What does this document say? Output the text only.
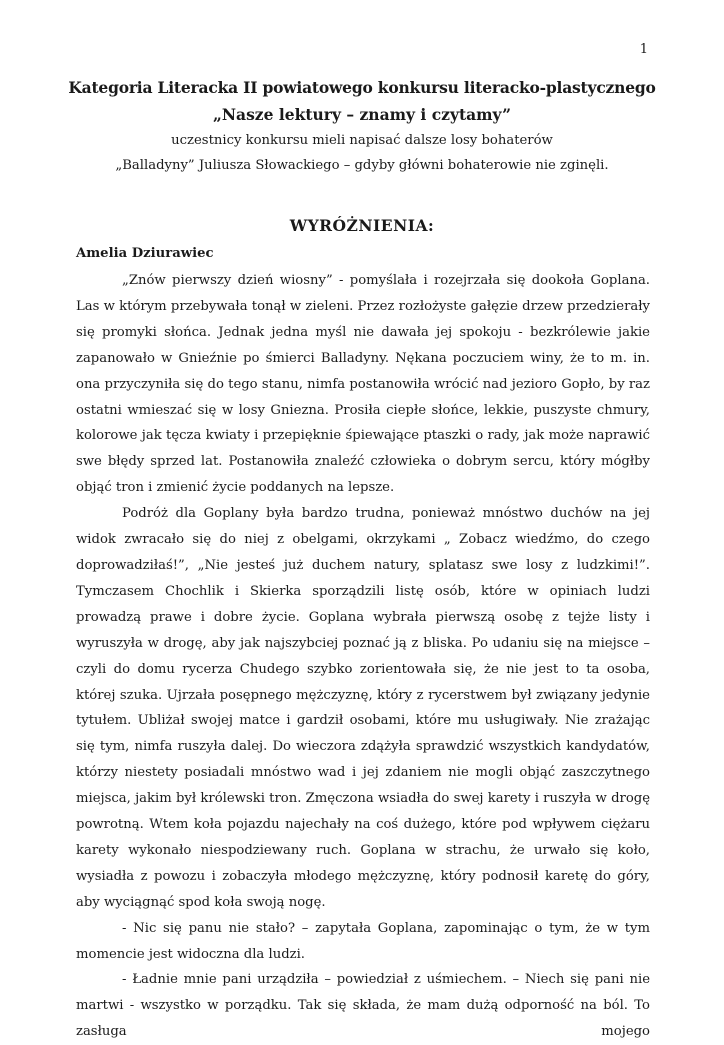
1
Kategoria Literacka II powiatowego konkursu literacko-plastycznego
„Nasze lektury – znamy i czytamy”
uczestnicy konkursu mieli napisać dalsze losy bohaterów
„Balladyny” Juliusza Słowackiego – gdyby główni bohaterowie nie zginęli.
WYRÓŻNIENIA:
Amelia Dziurawiec

„Znów pierwszy dzień wiosny” - pomyślała i rozejrzała się dookoła Goplana. Las w którym przebywała tonął w zieleni. Przez rozłożyste gałęzie drzew przedzierały się promyki słońca. Jednak jedna myśl nie dawała jej spokoju - bezkrólewie jakie zapanowało w Gnieźnie po śmierci Balladyny. Nękana poczuciem winy, że to m. in. ona przyczyniła się do tego stanu, nimfa postanowiła wrócić nad jezioro Gopło, by raz ostatni wmieszać się w losy Gniezna. Prosiła ciepłe słońce, lekkie, puszyste chmury, kolorowe jak tęcza kwiaty i przepięknie śpiewające ptaszki o rady, jak może naprawić swe błędy sprzed lat. Postanowiła znaleźć człowieka o dobrym sercu, który mógłby objąć tron i zmienić życie poddanych na lepsze.

Podróż dla Goplany była bardzo trudna, ponieważ mnóstwo duchów na jej widok zwracało się do niej z obelgami, okrzykami „ Zobacz wiedźmo, do czego doprowadziłaś!”, „Nie jesteś już duchem natury, splatasz swe losy z ludzkimi!”. Tymczasem Chochlik i Skierka sporządzili listę osób, które w opiniach ludzi prowadzą prawe i dobre życie. Goplana wybrała pierwszą osobę z tejże listy i wyruszyła w drogę, aby jak najszybciej poznać ją z bliska. Po udaniu się na miejsce – czyli do domu rycerza Chudego szybko zorientowała się, że nie jest to ta osoba, której szuka. Ujrzała posępnego mężczyznę, który z rycerstwem był związany jedynie tytułem. Ubliżał swojej matce i gardził osobami, które mu usługiwały. Nie zrażając się tym, nimfa ruszyła dalej. Do wieczora zdążyła sprawdzić wszystkich kandydatów, którzy niestety posiadali mnóstwo wad i jej zdaniem nie mogli objąć zaszczytnego miejsca, jakim był królewski tron. Zmęczona wsiadła do swej karety i ruszyła w drogę powrotną. Wtem koła pojazdu najechały na coś dużego, które pod wpływem ciężaru karety wykonało niespodziewany ruch. Goplana w strachu, że urwało się koło, wysiadła z powozu i zobaczyła młodego mężczyznę, który podnosił karetę do góry, aby wyciągnąć spod koła swoją nogę.

- Nic się panu nie stało? – zapytała Goplana, zapominając o tym, że w tym momencie jest widoczna dla ludzi.

- Ładnie mnie pani urządziła – powiedział z uśmiechem. – Niech się pani nie martwi - wszystko w porządku. Tak się składa, że mam dużą odporność na ból. To zasługa mojego
